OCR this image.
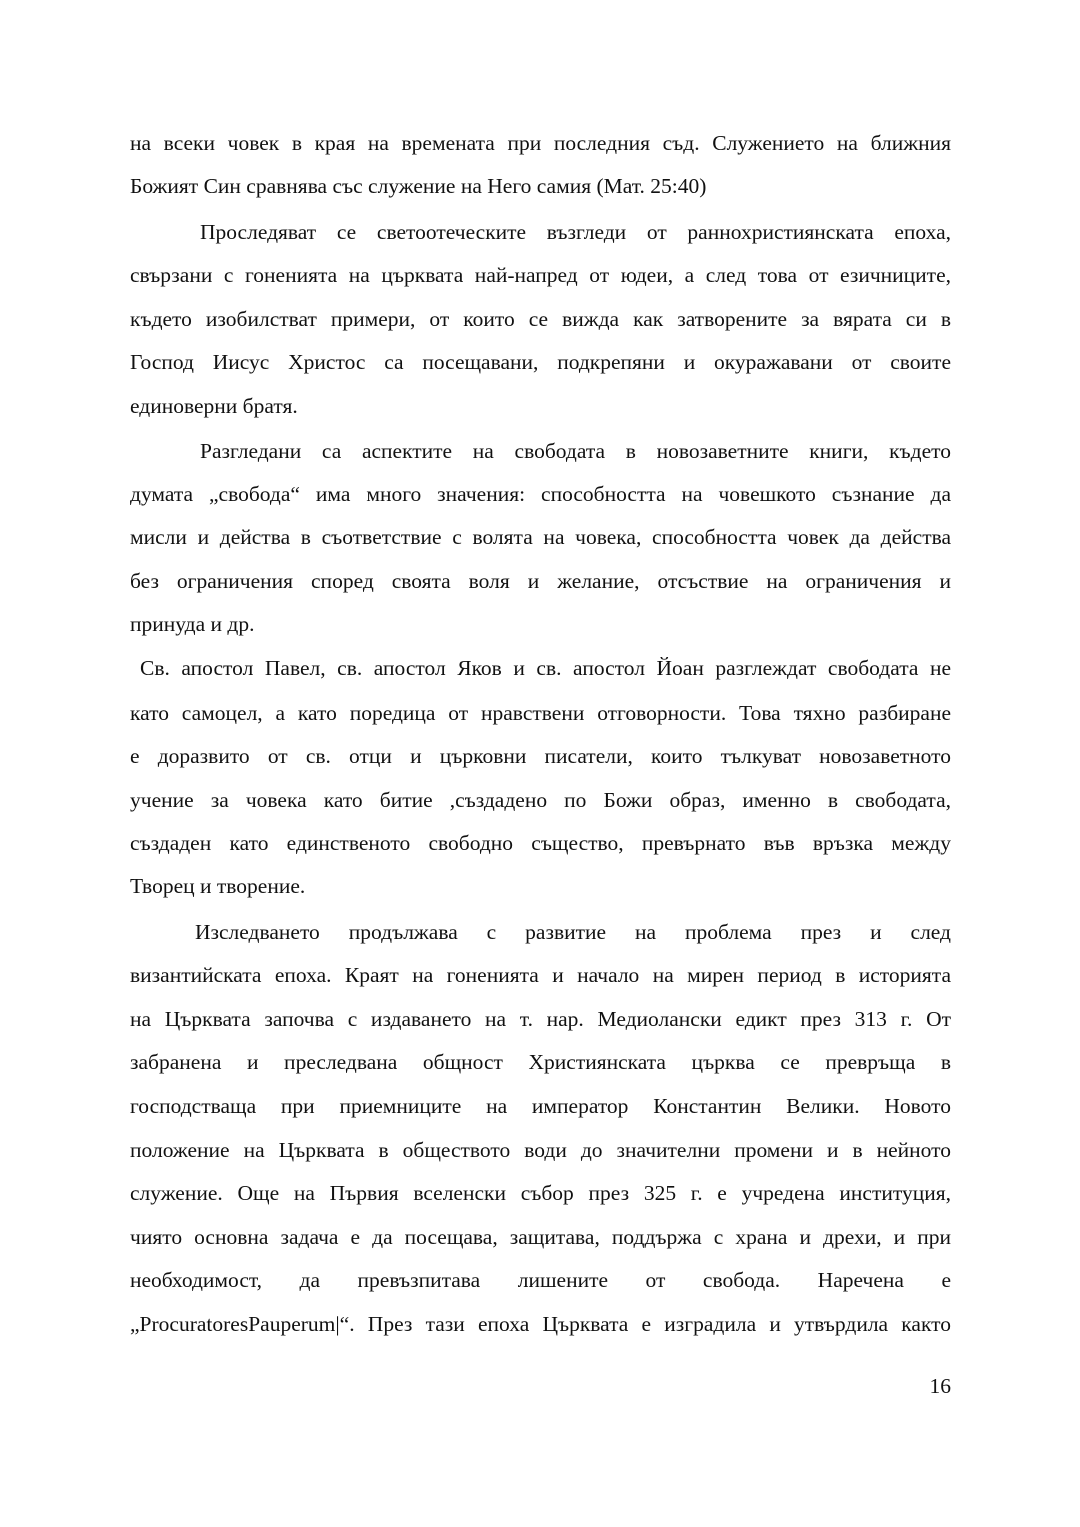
на всеки човек в края на времената при последния съд. Служението на ближния
Божият Син сравнява със служение на Него самия (Мат. 25:40)
Проследяват се светоотеческите възгледи от раннохристиянската епоха,
свързани с гоненията на църквата най-напред от юдеи, а след това от езичниците,
където изобилстват примери, от които се вижда как затворените за вярата си в
Господ Иисус Христос са посещавани, подкрепяни и окуражавани от своите
единоверни братя.
Разгледани са аспектите на свободата в новозаветните книги, където
думата „свобода“ има много значения: способността на човешкото съзнание да
мисли и действа в съответствие с волята на човека, способността човек да действа
без ограничения според своята воля и желание, отсъствие на ограничения и
принуда и др.
Св. апостол Павел, св. апостол Яков и св. апостол Йоан разглеждат свободата не
като самоцел, а като поредица от нравствени отговорности. Това тяхно разбиране
е доразвито от св. отци и църковни писатели, които тълкуват новозаветното
учение за човека като битие ,създадено по Божи образ, именно в свободата,
създаден като единственото свободно същество, превърнато във връзка между
Творец и творение.
Изследването продължава с развитие на проблема през и след
византийската епоха. Краят на гоненията и начало на мирен период в историята
на Църквата започва с издаването на т. нар. Медиолански едикт през 313 г. От
забранена и преследвана общност Християнската църква се превръща в
господстваща при приемниците на император Константин Велики. Новото
положение на Църквата в обществото води до значителни промени и в нейното
служение. Още на Първия вселенски събор през 325 г. е учредена институция,
чиято основна задача е да посещава, защитава, поддържа с храна и дрехи, и при
необходимост, да превъзпитава лишените от свобода. Наречена е
„ProcuratoresPauperum|“. През тази епоха Църквата е изградила и утвърдила както
16
